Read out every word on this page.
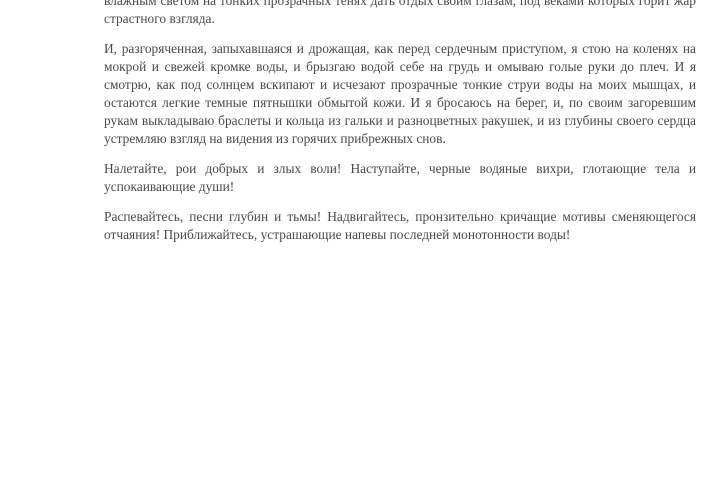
влажным светом на тонких прозрачных тенях дать отдых своим глазам, под веками которых горит жар страстного взгляда.

И, разгоряченная, запыхавшаяся и дрожащая, как перед сердечным приступом, я стою на коленях на мокрой и свежей кромке воды, и брызгаю водой себе на грудь и омываю голые руки до плеч. И я смотрю, как под солнцем вскипают и исчезают прозрачные тонкие струи воды на моих мышцах, и остаются легкие темные пятнышки обмытой кожи. И я бросаюсь на берег, и, по своим загоревшим рукам выкладываю браслеты и кольца из гальки и разноцветных ракушек, и из глубины своего сердца устремляю взгляд на видения из горячих прибрежных снов.

Налетайте, рои добрых и злых воли! Наступайте, черные водяные вихри, глотающие тела и успокаивающие души!

Распевайтесь, песни глубин и тьмы! Надвигайтесь, пронзительно кричащие мотивы сменяющегося отчаяния! Приближайтесь, устрашающие напевы последней монотонности воды!
